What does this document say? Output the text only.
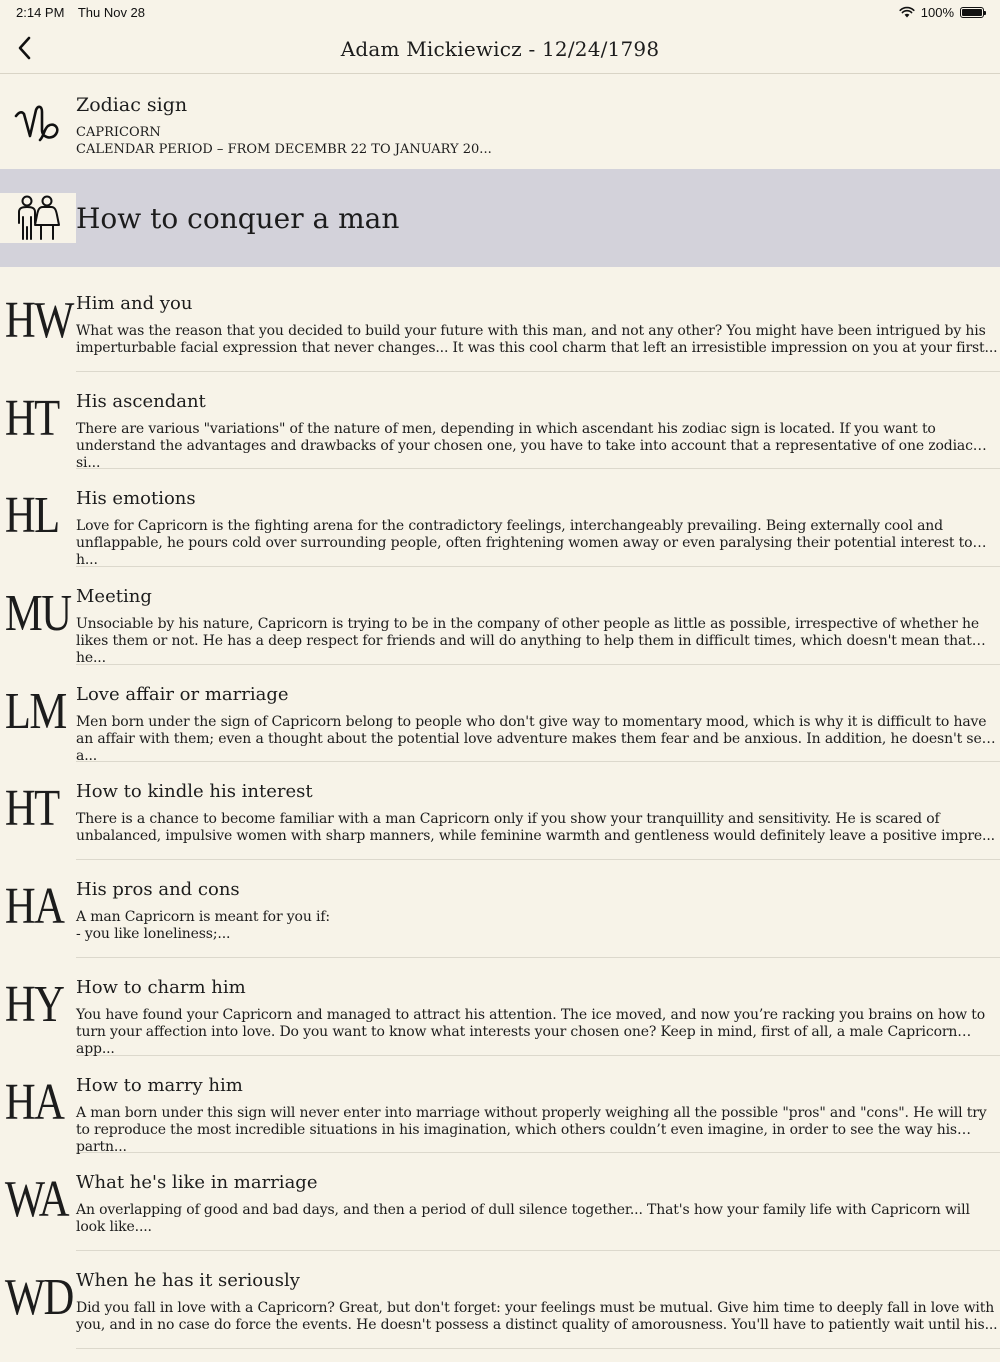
2:14 PM Thu Nov 28	100%
Adam Mickiewicz - 12/24/1798
Zodiac sign
CAPRICORN
CALENDAR PERIOD – FROM DECEMBR 22 TO JANUARY 20...
How to conquer a man
HW Him and you
What was the reason that you decided to build your future with this man, and not any other? You might have been intrigued by his imperturbable facial expression that never changes... It was this cool charm that left an irresistible impression on you at your first...
HT His ascendant
There are various "variations" of the nature of men, depending in which ascendant his zodiac sign is located. If you want to understand the advantages and drawbacks of your chosen one, you have to take into account that a representative of one zodiac si...
HL His emotions
Love for Capricorn is the fighting arena for the contradictory feelings, interchangeably prevailing. Being externally cool and unflappable, he pours cold over surrounding people, often frightening women away or even paralysing their potential interest to h...
MU Meeting
Unsociable by his nature, Capricorn is trying to be in the company of other people as little as possible, irrespective of whether he likes them or not. He has a deep respect for friends and will do anything to help them in difficult times, which doesn't mean that he...
LM Love affair or marriage
Men born under the sign of Capricorn belong to people who don't give way to momentary mood, which is why it is difficult to have an affair with them; even a thought about the potential love adventure makes them fear and be anxious. In addition, he doesn't see a...
HT How to kindle his interest
There is a chance to become familiar with a man Capricorn only if you show your tranquillity and sensitivity. He is scared of unbalanced, impulsive women with sharp manners, while feminine warmth and gentleness would definitely leave a positive impre...
HA His pros and cons
A man Capricorn is meant for you if:
- you like loneliness;...
HY How to charm him
You have found your Capricorn and managed to attract his attention. The ice moved, and now you’re racking you brains on how to turn your affection into love. Do you want to know what interests your chosen one? Keep in mind, first of all, a male Capricorn app...
HA How to marry him
A man born under this sign will never enter into marriage without properly weighing all the possible "pros" and "cons". He will try to reproduce the most incredible situations in his imagination, which others couldn’t even imagine, in order to see the way his partn...
WA What he's like in marriage
An overlapping of good and bad days, and then a period of dull silence together... That's how your family life with Capricorn will look like....
WD When he has it seriously
Did you fall in love with a Capricorn? Great, but don't forget: your feelings must be mutual. Give him time to deeply fall in love with you, and in no case do force the events. He doesn't possess a distinct quality of amorousness. You'll have to patiently wait until his...
